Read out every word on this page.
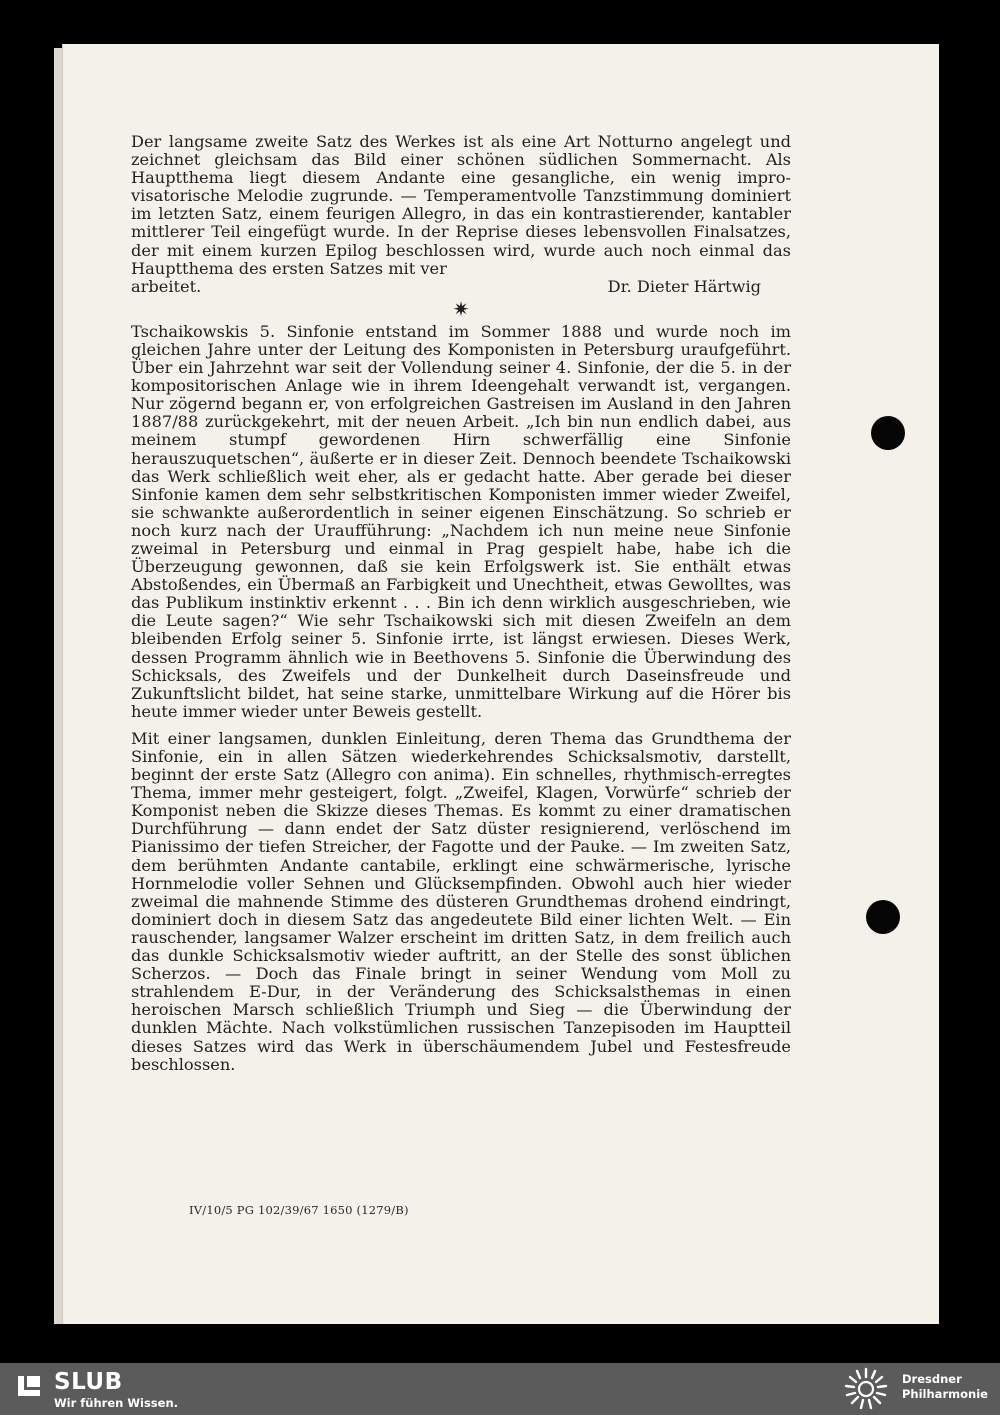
Der langsame zweite Satz des Werkes ist als eine Art Notturno angelegt und zeichnet gleichsam das Bild einer schönen südlichen Sommernacht. Als Hauptthema liegt diesem Andante eine gesangliche, ein wenig improvisatorische Melodie zugrunde. — Temperamentvolle Tanzstimmung dominiert im letzten Satz, einem feurigen Allegro, in das ein kontrastierender, kantabler mittlerer Teil eingefügt wurde. In der Reprise dieses lebensvollen Finalsatzes, der mit einem kurzen Epilog beschlossen wird, wurde auch noch einmal das Hauptthema des ersten Satzes mit ver

arbeitet.	Dr. Dieter Härtwig
✷

Tschaikowskis 5. Sinfonie entstand im Sommer 1888 und wurde noch im gleichen Jahre unter der Leitung des Komponisten in Petersburg uraufgeführt. Über ein Jahrzehnt war seit der Vollendung seiner 4. Sinfonie, der die 5. in der kompositorischen Anlage wie in ihrem Ideengehalt verwandt ist, vergangen. Nur zögernd begann er, von erfolgreichen Gastreisen im Ausland in den Jahren 1887/88 zurückgekehrt, mit der neuen Arbeit. „Ich bin nun endlich dabei, aus meinem stumpf gewordenen Hirn schwerfällig eine Sinfonie herauszuquetschen“, äußerte er in dieser Zeit. Dennoch beendete Tschaikowski das Werk schließlich weit eher, als er gedacht hatte. Aber gerade bei dieser Sinfonie kamen dem sehr selbstkritischen Komponisten immer wieder Zweifel, sie schwankte außerordentlich in seiner eigenen Einschätzung. So schrieb er noch kurz nach der Uraufführung: „Nachdem ich nun meine neue Sinfonie zweimal in Petersburg und einmal in Prag gespielt habe, habe ich die Überzeugung gewonnen, daß sie kein Erfolgswerk ist. Sie enthält etwas Abstoßendes, ein Übermaß an Farbigkeit und Unechtheit, etwas Gewolltes, was das Publikum instinktiv erkennt . . . Bin ich denn wirklich ausgeschrieben, wie die Leute sagen?“ Wie sehr Tschaikowski sich mit diesen Zweifeln an dem bleibenden Erfolg seiner 5. Sinfonie irrte, ist längst erwiesen. Dieses Werk, dessen Programm ähnlich wie in Beethovens 5. Sinfonie die Überwindung des Schicksals, des Zweifels und der Dunkelheit durch Daseinsfreude und Zukunftslicht bildet, hat seine starke, unmittelbare Wirkung auf die Hörer bis heute immer wieder unter Beweis gestellt.

Mit einer langsamen, dunklen Einleitung, deren Thema das Grundthema der Sinfonie, ein in allen Sätzen wiederkehrendes Schicksalsmotiv, darstellt, beginnt der erste Satz (Allegro con anima). Ein schnelles, rhythmisch-erregtes Thema, immer mehr gesteigert, folgt. „Zweifel, Klagen, Vorwürfe“ schrieb der Komponist neben die Skizze dieses Themas. Es kommt zu einer dramatischen Durchführung — dann endet der Satz düster resignierend, verlöschend im Pianissimo der tiefen Streicher, der Fagotte und der Pauke. — Im zweiten Satz, dem berühmten Andante cantabile, erklingt eine schwärmerische, lyrische Hornmelodie voller Sehnen und Glücksempfinden. Obwohl auch hier wieder zweimal die mahnende Stimme des düsteren Grundthemas drohend eindringt, dominiert doch in diesem Satz das angedeutete Bild einer lichten Welt. — Ein rauschender, langsamer Walzer erscheint im dritten Satz, in dem freilich auch das dunkle Schicksalsmotiv wieder auftritt, an der Stelle des sonst üblichen Scherzos. — Doch das Finale bringt in seiner Wendung vom Moll zu strahlendem E-Dur, in der Veränderung des Schicksalsthemas in einen heroischen Marsch schließlich Triumph und Sieg — die Überwindung der dunklen Mächte. Nach volkstümlichen russischen Tanzepisoden im Hauptteil dieses Satzes wird das Werk in überschäumendem Jubel und Festesfreude beschlossen.

IV/10/5 PG 102/39/67 1650 (1279/B)
SLUB
Wir führen Wissen.
Dresdner
Philharmonie
